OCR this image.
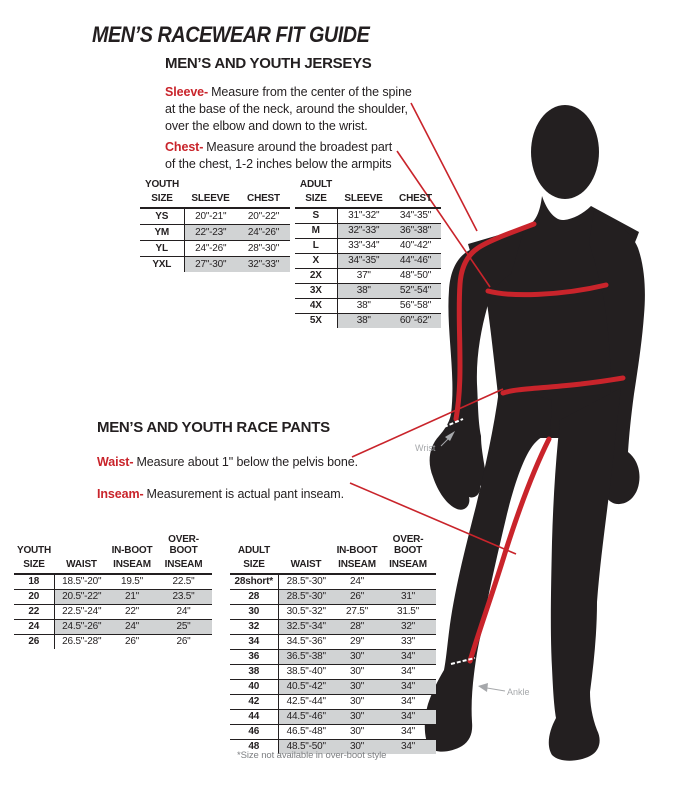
Wrist
Ankle
MEN’S RACEWEAR FIT GUIDE
MEN’S AND YOUTH JERSEYS

Sleeve- Measure from the center of the spine
at the base of the neck, around the shoulder,
over the elbow and down to the wrist.

Chest- Measure around the broadest part
of the chest, 1-2 inches below the armpits

YOUTH		
SIZE	SLEEVE	CHEST
YS	20"-21"	20"-22"
YM	22"-23"	24"-26"
YL	24"-26"	28"-30"
YXL	27"-30"	32"-33"
ADULT		
SIZE	SLEEVE	CHEST
S	31"-32"	34"-35"
M	32"-33"	36"-38"
L	33"-34"	40"-42"
X	34"-35"	44"-46"
2X	37"	48"-50"
3X	38"	52"-54"
4X	38"	56"-58"
5X	38"	60"-62"
MEN’S AND YOUTH RACE PANTS

Waist- Measure about 1" below the pelvis bone.

Inseam- Measurement is actual pant inseam.

YOUTH		IN-BOOT	OVER-BOOT
SIZE	WAIST	INSEAM	INSEAM
18	18.5"-20"	19.5"	22.5"
20	20.5"-22"	21"	23.5"
22	22.5"-24"	22"	24"
24	24.5"-26"	24"	25"
26	26.5"-28"	26"	26"
ADULT		IN-BOOT	OVER-BOOT
SIZE	WAIST	INSEAM	INSEAM
28short*	28.5"-30"	24"	
28	28.5"-30"	26"	31"
30	30.5"-32"	27.5"	31.5"
32	32.5"-34"	28"	32"
34	34.5"-36"	29"	33"
36	36.5"-38"	30"	34"
38	38.5"-40"	30"	34"
40	40.5"-42"	30"	34"
42	42.5"-44"	30"	34"
44	44.5"-46"	30"	34"
46	46.5"-48"	30"	34"
48	48.5"-50"	30"	34"
*Size not available in over-boot style
